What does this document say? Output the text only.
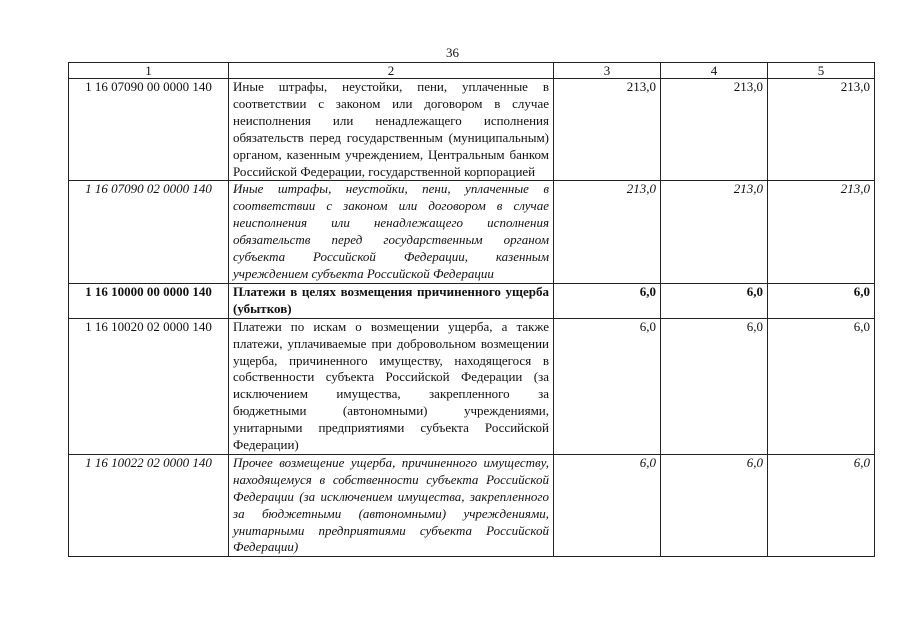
36
1	2	3	4	5
1 16 07090 00 0000 140	Иные штрафы, неустойки, пени, уплаченные в соответствии с законом или договором в случае неисполнения или ненадлежащего исполнения обязательств перед государственным (муниципальным) органом, казенным учреждением, Центральным банком Российской Федерации, государственной корпорацией	213,0	213,0	213,0
1 16 07090 02 0000 140	Иные штрафы, неустойки, пени, уплаченные в соответствии с законом или договором в случае неисполнения или ненадлежащего исполнения обязательств перед государственным органом субъекта Российской Федерации, казенным учреждением субъекта Российской Федерации	213,0	213,0	213,0
1 16 10000 00 0000 140	Платежи в целях возмещения причиненного ущерба (убытков)	6,0	6,0	6,0
1 16 10020 02 0000 140	Платежи по искам о возмещении ущерба, а также платежи, уплачиваемые при добровольном возмещении ущерба, причиненного имуществу, находящегося в собственности субъекта Российской Федерации (за исключением имущества, закрепленного за бюджетными (автономными) учреждениями, унитарными предприятиями субъекта Российской Федерации)	6,0	6,0	6,0
1 16 10022 02 0000 140	Прочее возмещение ущерба, причиненного имуществу, находящемуся в собственности субъекта Российской Федерации (за исключением имущества, закрепленного за бюджетными (автономными) учреждениями, унитарными предприятиями субъекта Российской Федерации)	6,0	6,0	6,0
